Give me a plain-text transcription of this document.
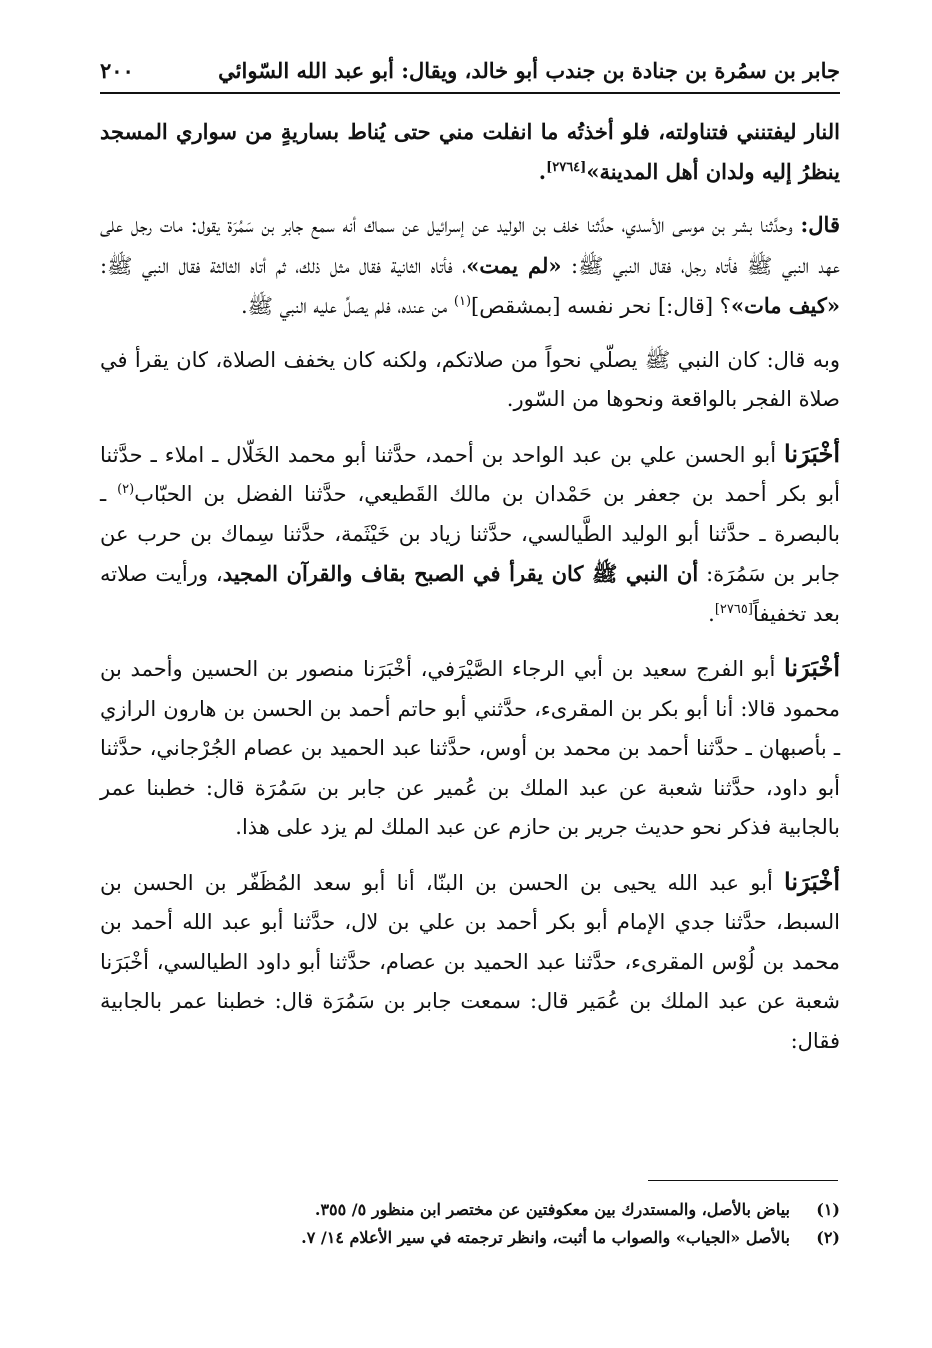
جابر بن سمُرة بن جنادة بن جندب أبو خالد، ويقال: أبو عبد الله السّوائي
٢٠٠

النار ليفتنني فتناولته، فلو أخذتُه ما انفلت مني حتى يُناط بساريةٍ من سواري المسجد ينظرُ إليه ولدان أهل المدينة»[٢٧٦٤].

قال: وحدَّثنا بشر بن موسى الأسدي، حدَّثنا خلف بن الوليد عن إسرائيل عن سماك أنه سمع جابر بن سَمُرَة يقول: مات رجل على عهد النبي ﷺ فأتاه رجل، فقال النبي ﷺ: «لم يمت»، فأتاه الثانية فقال مثل ذلك، ثم أتاه الثالثة فقال النبي ﷺ: «كيف مات»؟ [قال:] نحر نفسه [بمشقص]$^{(١)}$ من عنده، فلم يصلِّ عليه النبي ﷺ.

وبه قال: كان النبي ﷺ يصلّي نحواً من صلاتكم، ولكنه كان يخفف الصلاة، كان يقرأ في صلاة الفجر بالواقعة ونحوها من السّور.

أخْبَرَنا أبو الحسن علي بن عبد الواحد بن أحمد، حدَّثنا أبو محمد الخَلّال ـ املاء ـ حدَّثنا أبو بكر أحمد بن جعفر بن حَمْدان بن مالك القَطيعي، حدَّثنا الفضل بن الحبّاب$^{(٢)}$ ـ بالبصرة ـ حدَّثنا أبو الوليد الطَّيالسي، حدَّثنا زياد بن خَيْثَمة، حدَّثنا سِماك بن حرب عن جابر بن سَمُرَة: أن النبي ﷺ كان يقرأ في الصبح بقاف والقرآن المجيد، ورأيت صلاته بعد تخفيفاً[٢٧٦٥].

أخْبَرَنا أبو الفرج سعيد بن أبي الرجاء الصَّيْرَفي، أخْبَرَنا منصور بن الحسين وأحمد بن محمود قالا: أنا أبو بكر بن المقرىء، حدَّثني أبو حاتم أحمد بن الحسن بن هارون الرازي ـ بأصبهان ـ حدَّثنا أحمد بن محمد بن أوس، حدَّثنا عبد الحميد بن عصام الجُرْجاني، حدَّثنا أبو داود، حدَّثنا شعبة عن عبد الملك بن عُمير عن جابر بن سَمُرَة قال: خطبنا عمر بالجابية فذكر نحو حديث جرير بن حازم عن عبد الملك لم يزد على هذا.

أخْبَرَنا أبو عبد الله يحيى بن الحسن بن البنّا، أنا أبو سعد المُظَفّر بن الحسن بن السبط، حدَّثنا جدي الإمام أبو بكر أحمد بن علي بن لال، حدَّثنا أبو عبد الله أحمد بن محمد بن لُوْس المقرىء، حدَّثنا عبد الحميد بن عصام، حدَّثنا أبو داود الطيالسي، أخْبَرَنا شعبة عن عبد الملك بن عُمَير قال: سمعت جابر بن سَمُرَة قال: خطبنا عمر بالجابية فقال:

(١)
بياض بالأصل، والمستدرك بين معكوفتين عن مختصر ابن منظور ٥/ ٣٥٥.
(٢)
بالأصل «الجياب» والصواب ما أثبت، وانظر ترجمته في سير الأعلام ١٤/ ٧.
